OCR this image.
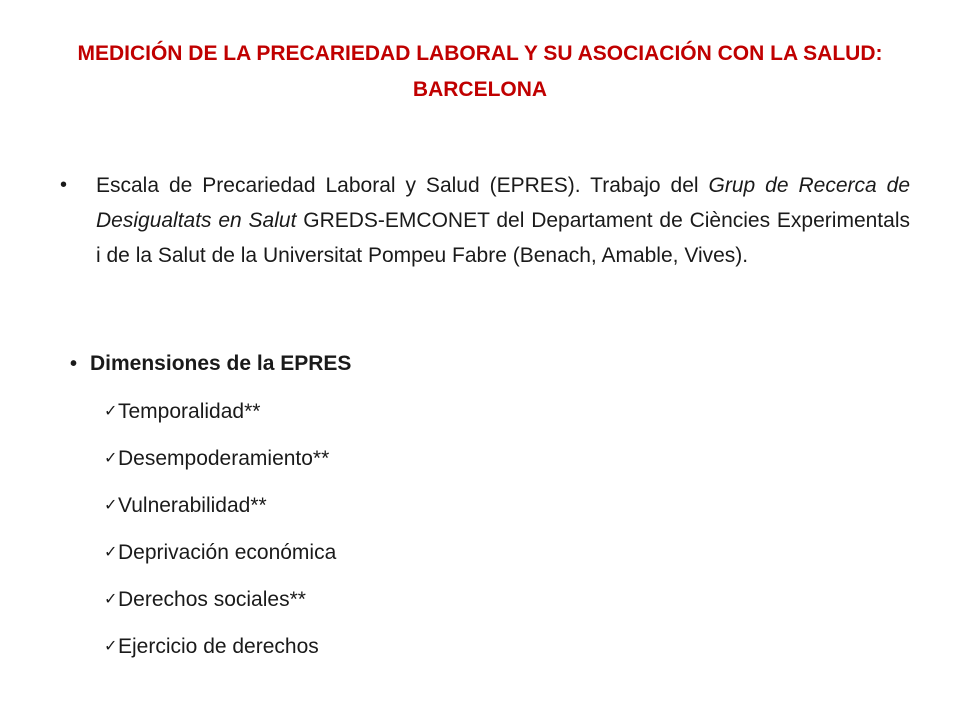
MEDICIÓN DE LA PRECARIEDAD LABORAL Y SU ASOCIACIÓN CON LA SALUD: BARCELONA
•	Escala de Precariedad Laboral y Salud (EPRES). Trabajo del Grup de Recerca de Desigualtats en Salut GREDS-EMCONET del Departament de Ciències Experimentals i de la Salut de la Universitat Pompeu Fabre (Benach, Amable, Vives).
• Dimensiones de la EPRES
✓ Temporalidad**
✓ Desempoderamiento**
✓ Vulnerabilidad**
✓ Deprivación económica
✓ Derechos sociales**
✓ Ejercicio de derechos
